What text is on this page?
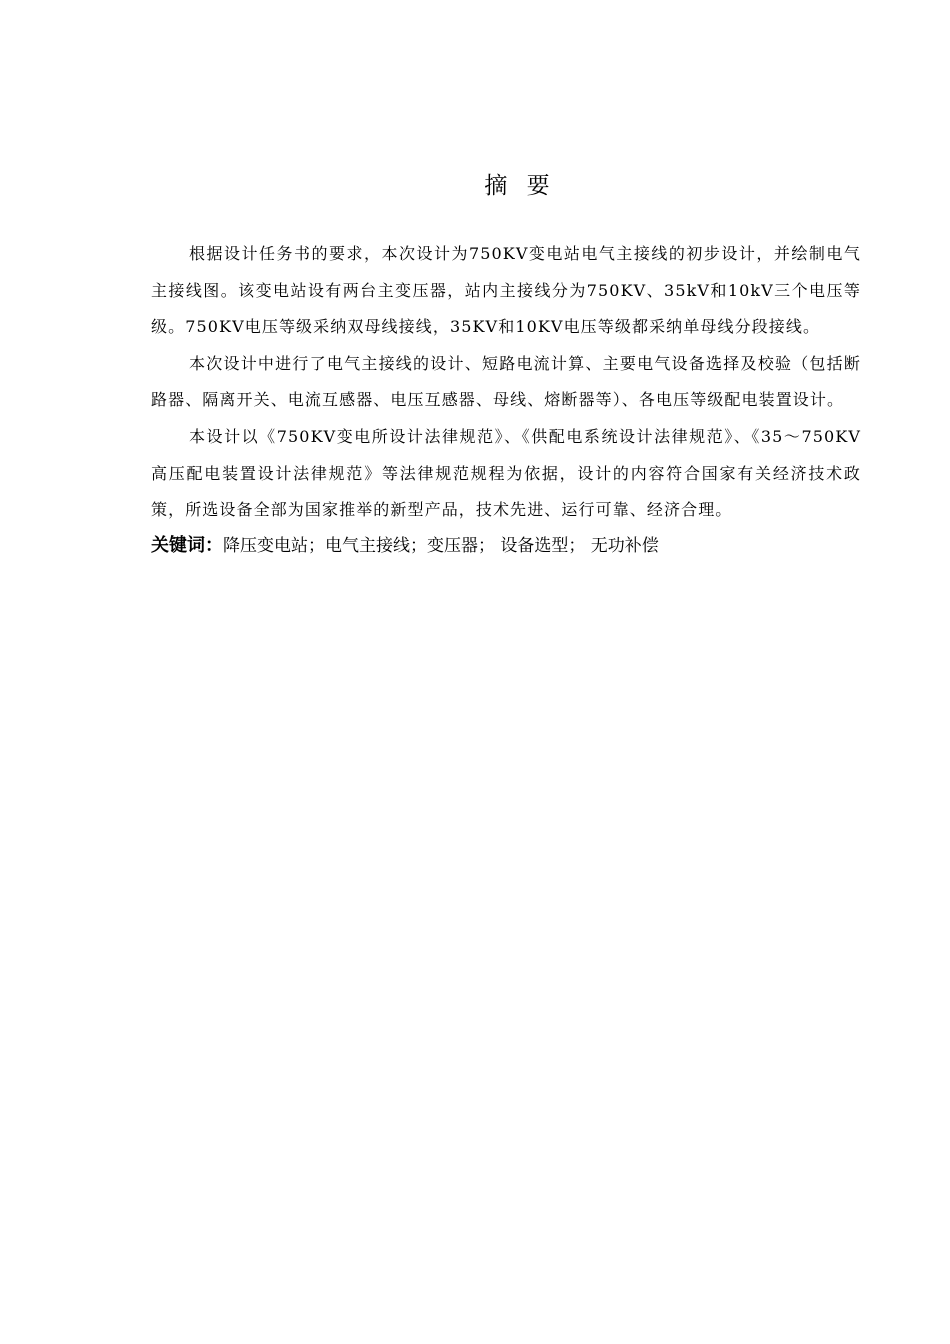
摘 要

根据设计任务书的要求，本次设计为750KV变电站电气主接线的初步设计，并绘制电气主接线图。该变电站设有两台主变压器，站内主接线分为750KV、35kV和10kV三个电压等级。750KV电压等级采纳双母线接线，35KV和10KV电压等级都采纳单母线分段接线。

本次设计中进行了电气主接线的设计、短路电流计算、主要电气设备选择及校验（包括断路器、隔离开关、电流互感器、电压互感器、母线、熔断器等）、各电压等级配电装置设计。

本设计以《750KV变电所设计法律规范》、《供配电系统设计法律规范》、《35～750KV高压配电装置设计法律规范》等法律规范规程为依据，设计的内容符合国家有关经济技术政策，所选设备全部为国家推举的新型产品，技术先进、运行可靠、经济合理。

关键词：降压变电站；电气主接线；变压器； 设备选型； 无功补偿
